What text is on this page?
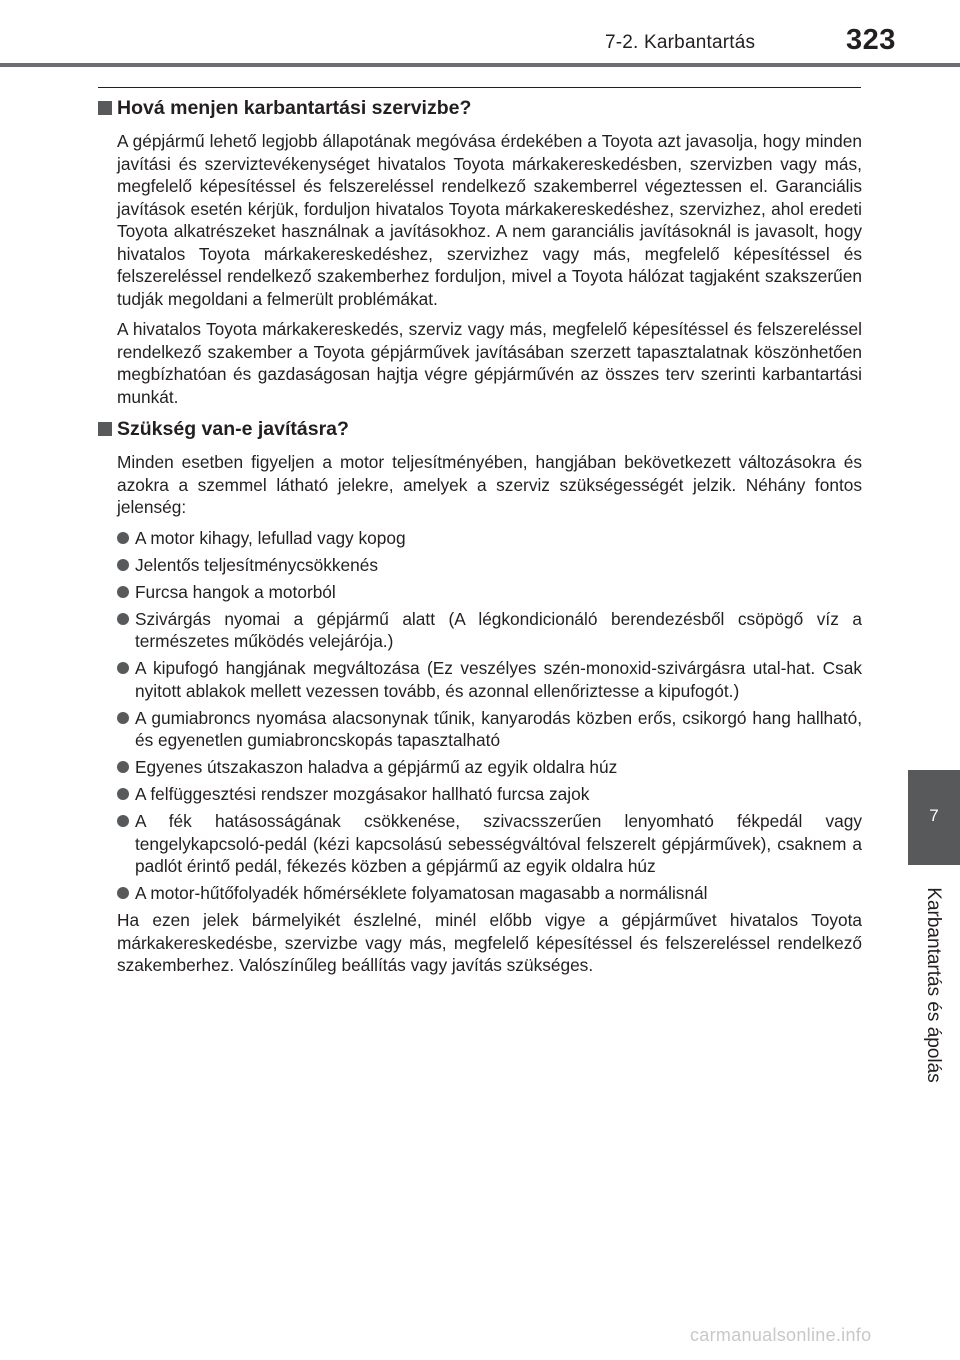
7-2. Karbantartás	323
7
Karbantartás és ápolás
Hová menjen karbantartási szervizbe?

A gépjármű lehető legjobb állapotának megóvása érdekében a Toyota azt javasolja, hogy minden javítási és szerviztevékenységet hivatalos Toyota márkakereskedésben, szervizben vagy más, megfelelő képesítéssel és felszereléssel rendelkező szakemberrel végeztessen el. Garanciális javítások esetén kérjük, forduljon hivatalos Toyota márkakereskedéshez, szervizhez, ahol eredeti Toyota alkatrészeket használnak a javításokhoz. A nem garanciális javításoknál is javasolt, hogy hivatalos Toyota márkakereskedéshez, szervizhez vagy más, megfelelő képesítéssel és felszereléssel rendelkező szakemberhez forduljon, mivel a Toyota hálózat tagjaként szakszerűen tudják megoldani a felmerült problémákat.

A hivatalos Toyota márkakereskedés, szerviz vagy más, megfelelő képesítéssel és felszereléssel rendelkező szakember a Toyota gépjárművek javításában szerzett tapasztalatnak köszönhetően megbízhatóan és gazdaságosan hajtja végre gépjárművén az összes terv szerinti karbantartási munkát.

Szükség van-e javításra?

Minden esetben figyeljen a motor teljesítményében, hangjában bekövetkezett változásokra és azokra a szemmel látható jelekre, amelyek a szerviz szükségességét jelzik. Néhány fontos jelenség:

A motor kihagy, lefullad vagy kopog
Jelentős teljesítménycsökkenés
Furcsa hangok a motorból
Szivárgás nyomai a gépjármű alatt (A légkondicionáló berendezésből csöpögő víz a természetes működés velejárója.)
A kipufogó hangjának megváltozása (Ez veszélyes szén-monoxid-szivárgásra utal-hat. Csak nyitott ablakok mellett vezessen tovább, és azonnal ellenőriztesse a kipufogót.)
A gumiabroncs nyomása alacsonynak tűnik, kanyarodás közben erős, csikorgó hang hallható, és egyenetlen gumiabroncskopás tapasztalható
Egyenes útszakaszon haladva a gépjármű az egyik oldalra húz
A felfüggesztési rendszer mozgásakor hallható furcsa zajok
A fék hatásosságának csökkenése, szivacsszerűen lenyomható fékpedál vagy tengelykapcsoló-pedál (kézi kapcsolású sebességváltóval felszerelt gépjárművek), csaknem a padlót érintő pedál, fékezés közben a gépjármű az egyik oldalra húz
A motor-hűtőfolyadék hőmérséklete folyamatosan magasabb a normálisnál

Ha ezen jelek bármelyikét észlelné, minél előbb vigye a gépjárművet hivatalos Toyota márkakereskedésbe, szervizbe vagy más, megfelelő képesítéssel és felszereléssel rendelkező szakemberhez. Valószínűleg beállítás vagy javítás szükséges.

carmanualsonline.info
